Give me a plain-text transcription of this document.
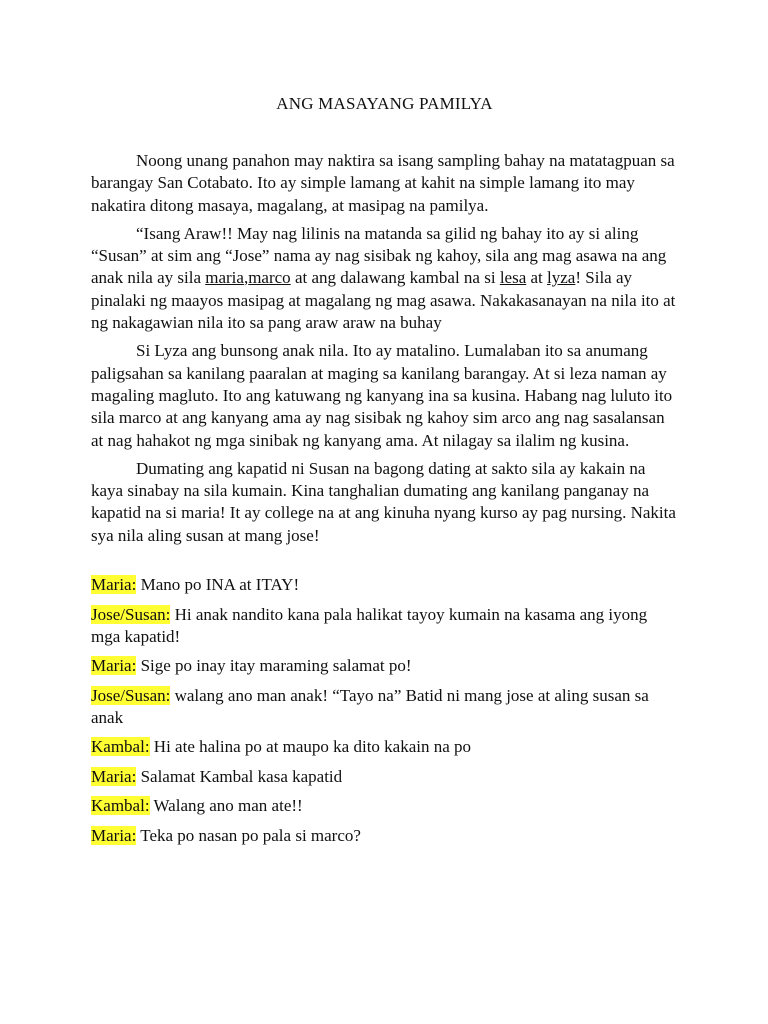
ANG MASAYANG PAMILYA

Noong unang panahon may naktira sa isang sampling bahay na matatagpuan sa barangay San Cotabato. Ito ay simple lamang at kahit na simple lamang ito may nakatira ditong masaya, magalang, at masipag na pamilya.

“Isang Araw!! May nag lilinis na matanda sa gilid ng bahay ito ay si aling “Susan” at sim ang “Jose” nama ay nag sisibak ng kahoy, sila ang mag asawa na ang anak nila ay sila maria,marco at ang dalawang kambal na si lesa at lyza! Sila ay pinalaki ng maayos masipag at magalang ng mag asawa. Nakakasanayan na nila ito at ng nakagawian nila ito sa pang araw araw na buhay

Si Lyza ang bunsong anak nila. Ito ay matalino. Lumalaban ito sa anumang paligsahan sa kanilang paaralan at maging sa kanilang barangay. At si leza naman ay magaling magluto. Ito ang katuwang ng kanyang ina sa kusina. Habang nag luluto ito sila marco at ang kanyang ama ay nag sisibak ng kahoy sim arco ang nag sasalansan at nag hahakot ng mga sinibak ng kanyang ama. At nilagay sa ilalim ng kusina.

Dumating ang kapatid ni Susan na bagong dating at sakto sila ay kakain na kaya sinabay na sila kumain. Kina tanghalian dumating ang kanilang panganay na kapatid na si maria! It ay college na at ang kinuha nyang kurso ay pag nursing. Nakita sya nila aling susan at mang jose!

Maria: Mano po INA at ITAY!
Jose/Susan: Hi anak nandito kana pala halikat tayoy kumain na kasama ang iyong mga kapatid!
Maria: Sige po inay itay maraming salamat po!
Jose/Susan: walang ano man anak! “Tayo na” Batid ni mang jose at aling susan sa anak
Kambal: Hi ate halina po at maupo ka dito kakain na po
Maria: Salamat Kambal kasa kapatid
Kambal: Walang ano man ate!!
Maria: Teka po nasan po pala si marco?
